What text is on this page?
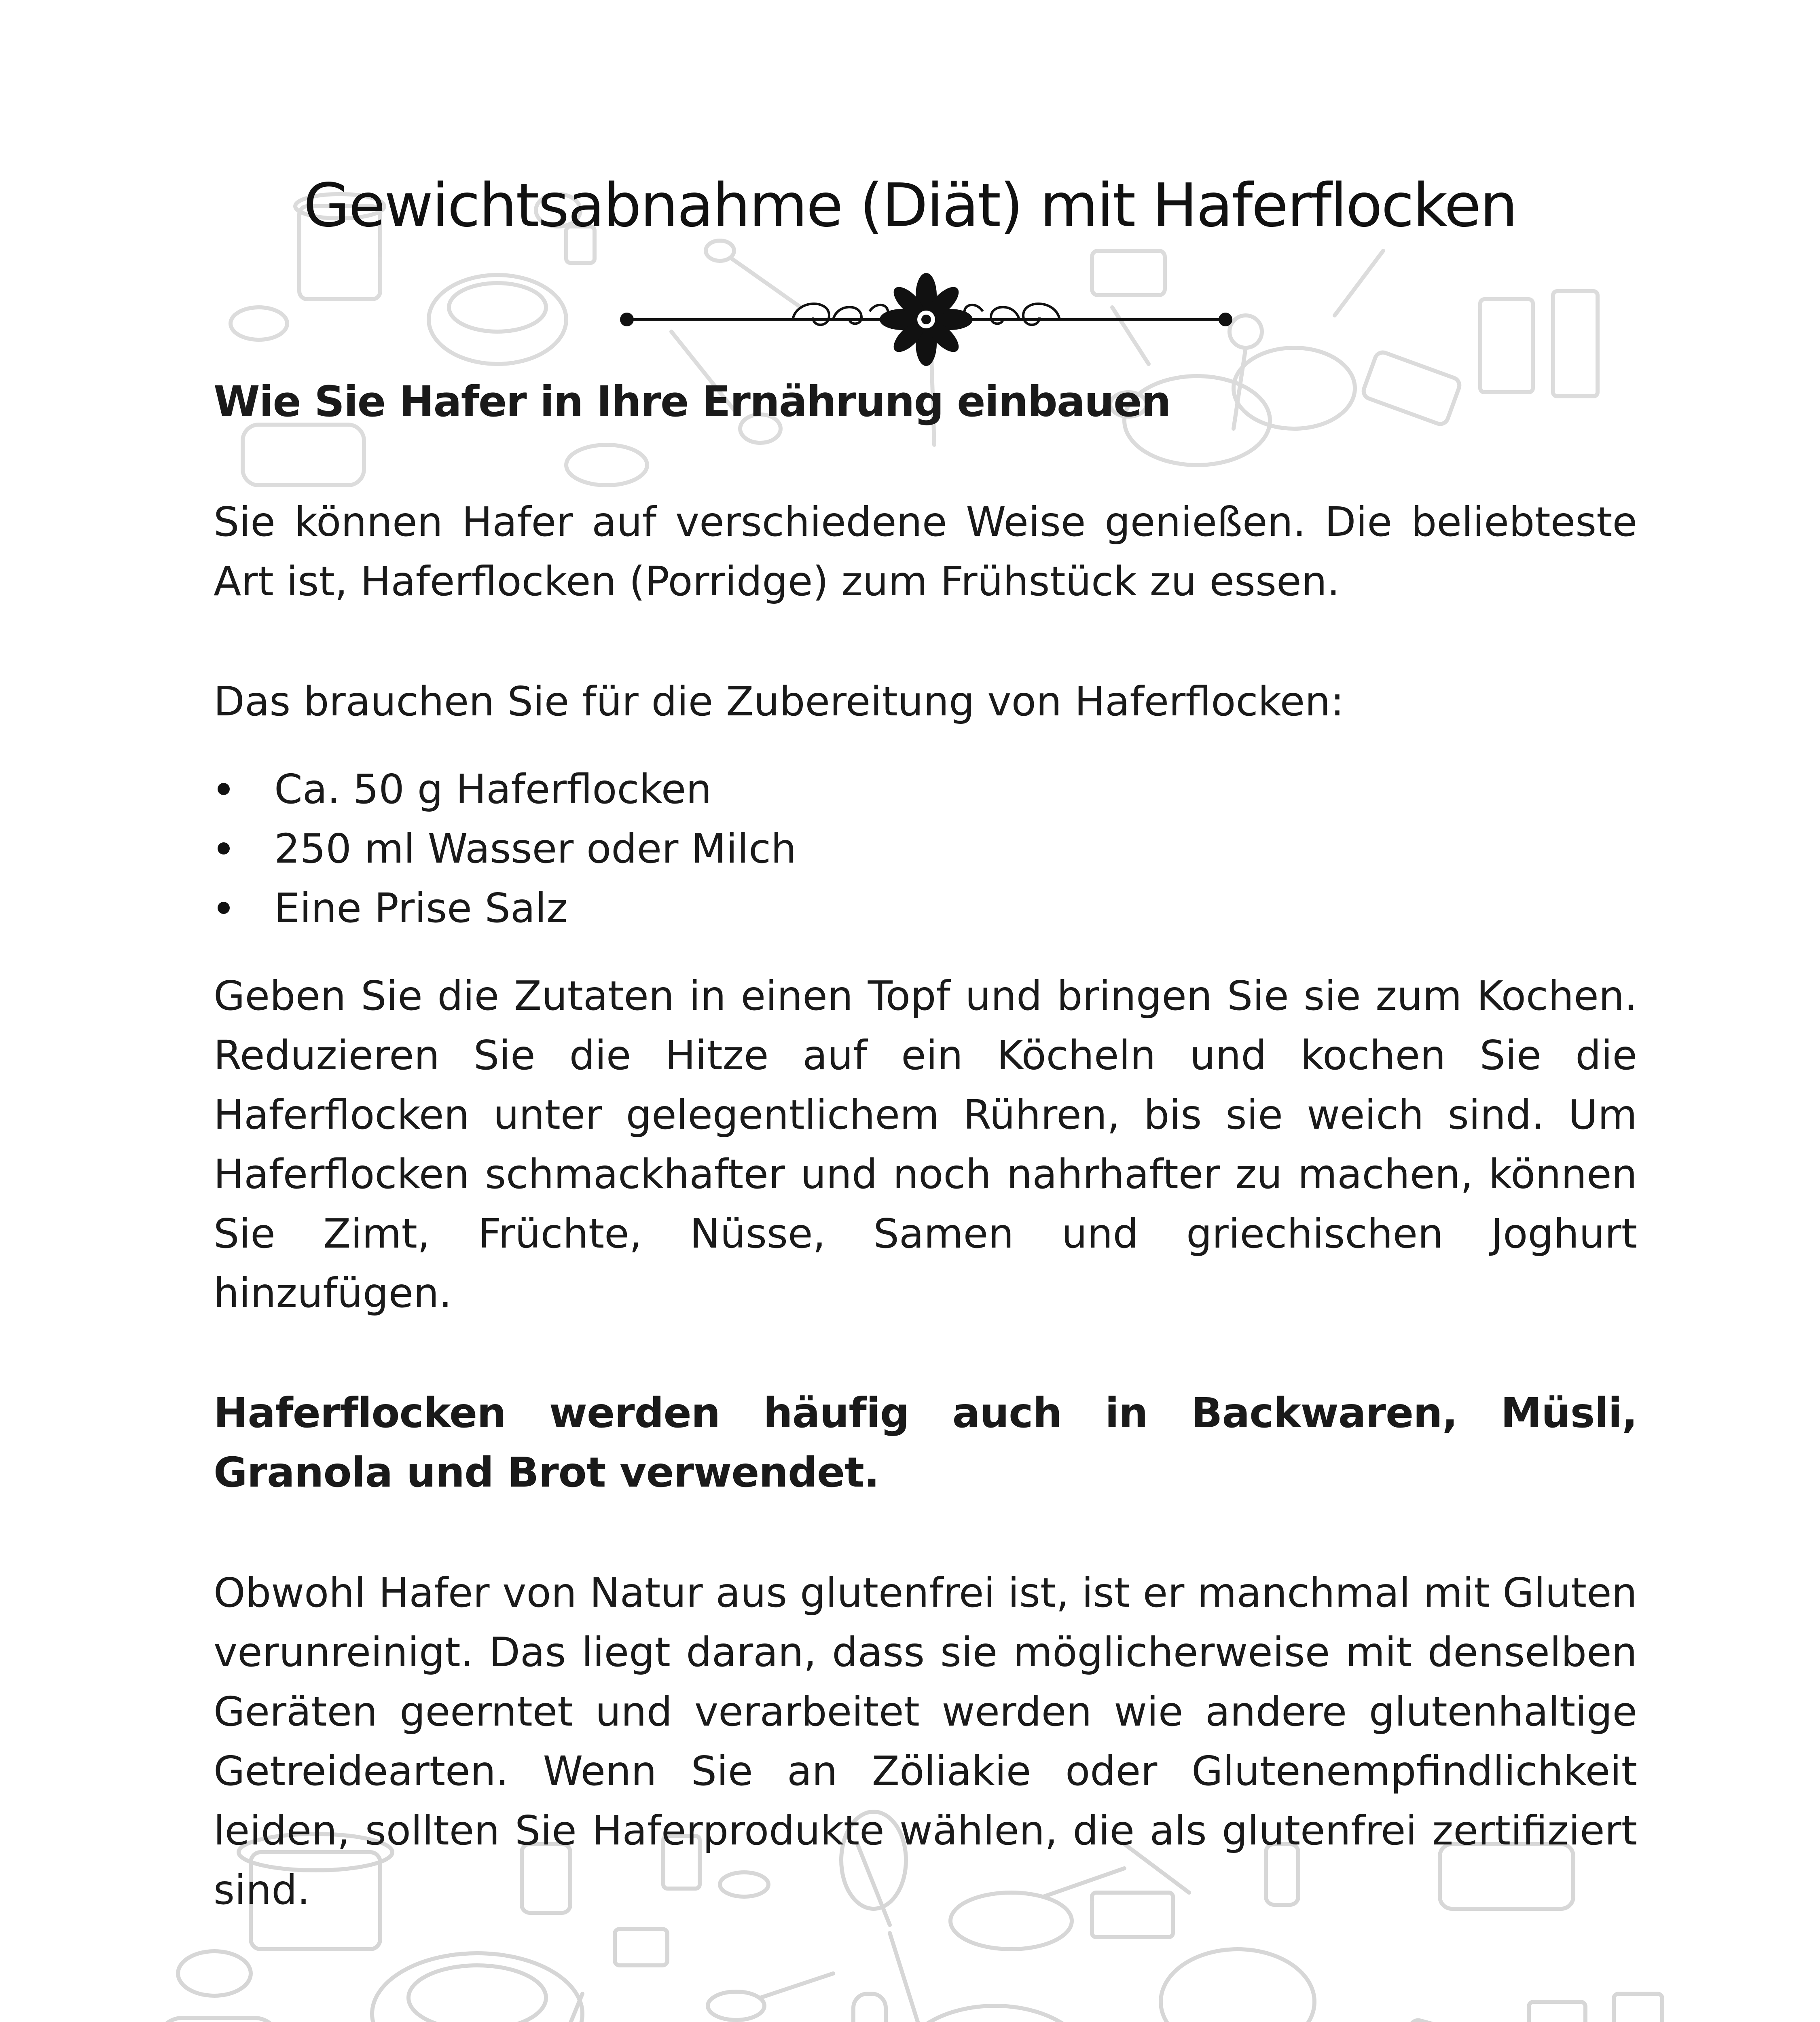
Gewichtsabnahme (Diät) mit Haferflocken

Wie Sie Hafer in Ihre Ernährung einbauen

Sie können Hafer auf verschiedene Weise genießen. Die beliebteste Art ist, Haferflocken (Porridge) zum Frühstück zu essen.

Das brauchen Sie für die Zubereitung von Haferflocken:

Ca. 50 g Haferflocken
250 ml Wasser oder Milch
Eine Prise Salz

Geben Sie die Zutaten in einen Topf und bringen Sie sie zum Kochen. Reduzieren Sie die Hitze auf ein Köcheln und kochen Sie die Haferflocken unter gelegentlichem Rühren, bis sie weich sind. Um Haferflocken schmackhafter und noch nahrhafter zu machen, können Sie Zimt, Früchte, Nüsse, Samen und griechischen Joghurt hinzufügen.

Haferflocken werden häufig auch in Backwaren, Müsli, Granola und Brot verwendet.

Obwohl Hafer von Natur aus glutenfrei ist, ist er manchmal mit Gluten verunreinigt. Das liegt daran, dass sie möglicherweise mit denselben Geräten geerntet und verarbeitet werden wie andere glutenhaltige Getreidearten. Wenn Sie an Zöliakie oder Glutenempfindlichkeit leiden, sollten Sie Haferprodukte wählen, die als glutenfrei zertifiziert sind.
